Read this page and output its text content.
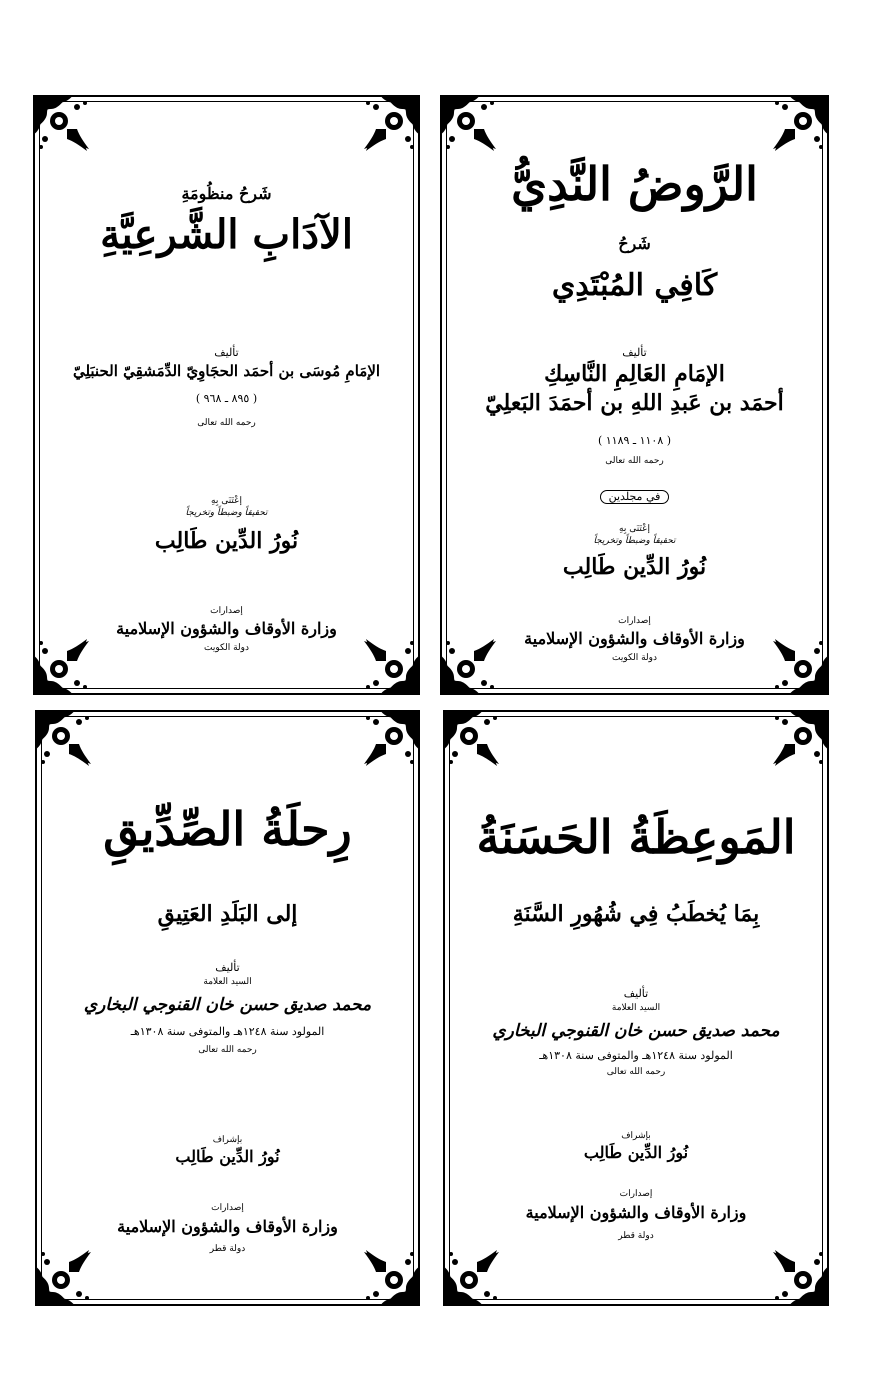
الرَّوضُ النَّدِيُّ
شَرحُ
كَافِي المُبْتَدِي
تأليف
الإمَامِ العَالِمِ النَّاسِكِ
أحمَد بن عَبدِ اللهِ بن أحمَدَ البَعلِيّ
( ١١٠٨ ـ ١١٨٩ )
رحمه الله تعالى
في مجلدين
إعْتَنَى بِهِ
تحقيقاً وضبطاً وتخريجاً
نُورُ الدِّين طَالِب
إصدارات
وزارة الأوقاف والشؤون الإسلامية
دولة الكويت
شَرحُ منظُومَةِ
الآدَابِ الشَّرعِيَّةِ
تأليف
الإمَامِ مُوسَى بن أحمَد الحجَاوِيّ الدِّمَشقِيّ الحنبَلِيّ
( ٨٩٥ ـ ٩٦٨ )
رحمه الله تعالى
إعْتَنَى بِهِ
تحقيقاً وضبطاً وتخريجاً
نُورُ الدِّين طَالِب
إصدارات
وزارة الأوقاف والشؤون الإسلامية
دولة الكويت
المَوعِظَةُ الحَسَنَةُ
بِمَا يُخطَبُ فِي شُهُورِ السَّنَةِ
تأليف
السيد العلامة
محمد صديق حسن خان القنوجي البخاري
المولود سنة ١٢٤٨هـ والمتوفى سنة ١٣٠٨هـ
رحمه الله تعالى
بإشراف
نُورُ الدِّين طَالِب
إصدارات
وزارة الأوقاف والشؤون الإسلامية
دولة قطر
رِحلَةُ الصِّدِّيقِ
إلى البَلَدِ العَتِيقِ
تأليف
السيد العلامة
محمد صديق حسن خان القنوجي البخاري
المولود سنة ١٢٤٨هـ والمتوفى سنة ١٣٠٨هـ
رحمه الله تعالى
بإشراف
نُورُ الدِّين طَالِب
إصدارات
وزارة الأوقاف والشؤون الإسلامية
دولة قطر
